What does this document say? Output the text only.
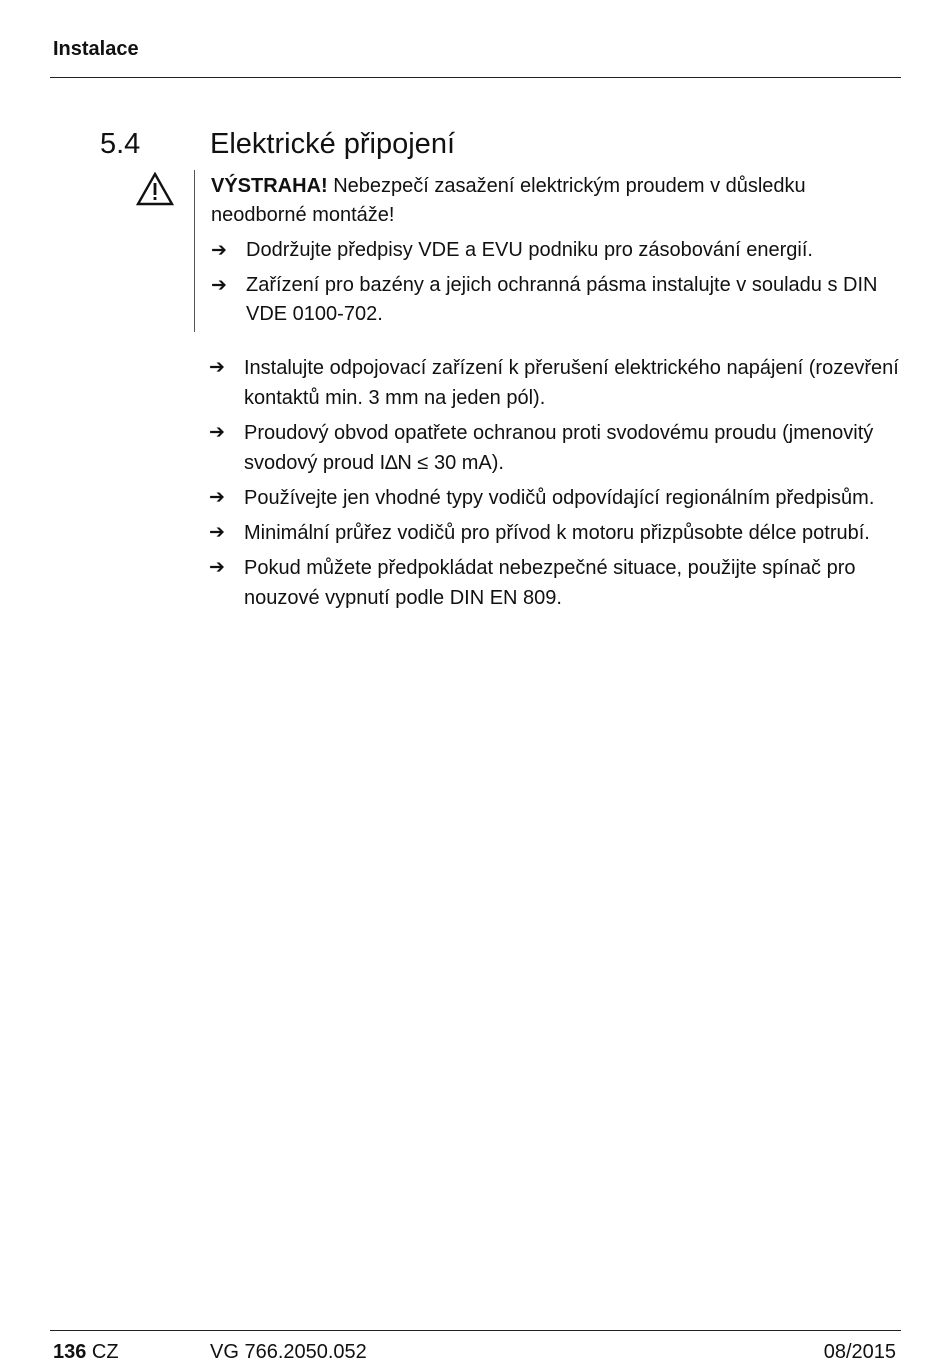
Instalace
5.4 Elektrické připojení

VÝSTRAHA! Nebezpečí zasažení elektrickým proudem v důsledku neodborné montáže!

➔ Dodržujte předpisy VDE a EVU podniku pro zásobování energií.
➔ Zařízení pro bazény a jejich ochranná pásma instalujte v souladu s DIN VDE 0100-702.
➔ Instalujte odpojovací zařízení k přerušení elektrického napájení (rozevření kontaktů min. 3 mm na jeden pól).
➔ Proudový obvod opatřete ochranou proti svodovému proudu (jmenovitý svodový proud I∆N ≤ 30 mA).
➔ Používejte jen vhodné typy vodičů odpovídající regionálním předpisům.
➔ Minimální průřez vodičů pro přívod k motoru přizpůsobte délce potrubí.
➔ Pokud můžete předpokládat nebezpečné situace, použijte spínač pro nouzové vypnutí podle DIN EN 809.
136 CZ	VG 766.2050.052	08/2015
